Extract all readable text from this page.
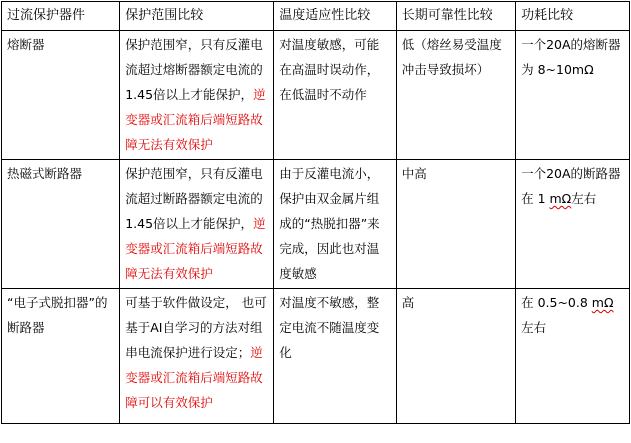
过流保护器件	保护范围比较	温度适应性比较	长期可靠性比较	功耗比较
熔断器	保护范围窄，只有反灌电流超过熔断器额定电流的1.45倍以上才能保护，逆变器或汇流箱后端短路故障无法有效保护	对温度敏感，可能在高温时误动作，在低温时不动作	低（熔丝易受温度冲击导致损坏）	一个20A的熔断器为 8~10mΩ
热磁式断路器	保护范围窄，只有反灌电流超过断路器额定电流的1.45倍以上才能保护，逆变器或汇流箱后端短路故障无法有效保护	由于反灌电流小，保护由双金属片组成的“热脱扣器”来完成，因此也对温度敏感	中高	一个20A的断路器在 1 mΩ左右
“电子式脱扣器”的断路器	可基于软件做设定， 也可基于AI自学习的方法对组串电流保护进行设定；逆变器或汇流箱后端短路故障可以有效保护	对温度不敏感，整定电流不随温度变化	高	在 0.5~0.8 mΩ 左右
